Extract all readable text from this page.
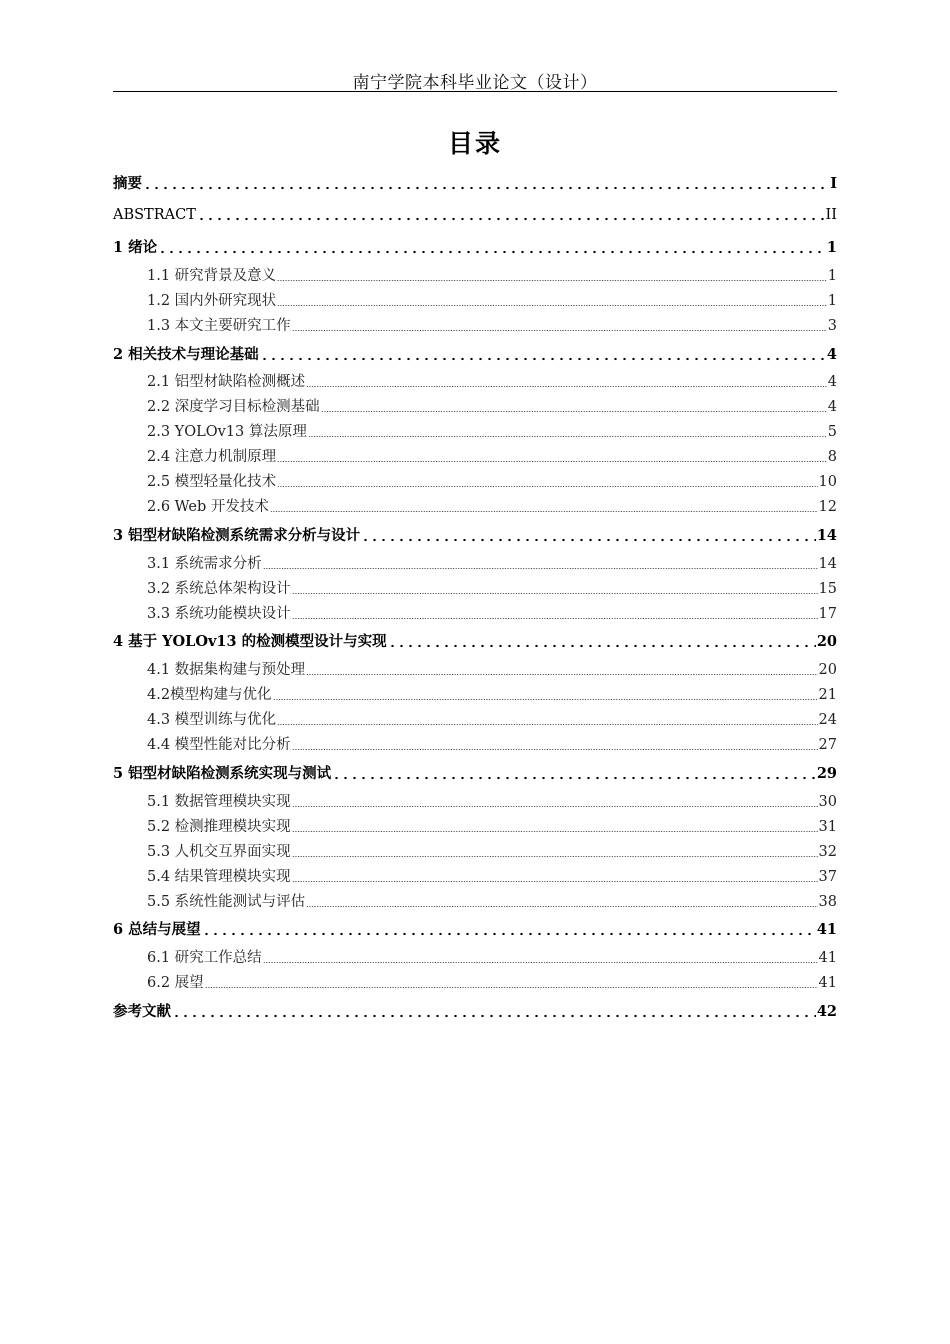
南宁学院本科毕业论文（设计）
目录
摘要	I
ABSTRACT	II
1 绪论	1
1.1 研究背景及意义	1
1.2 国内外研究现状	1
1.3 本文主要研究工作	3
2 相关技术与理论基础	4
2.1 铝型材缺陷检测概述	4
2.2 深度学习目标检测基础	4
2.3 YOLOv13 算法原理	5
2.4 注意力机制原理	8
2.5 模型轻量化技术	10
2.6 Web 开发技术	12
3 铝型材缺陷检测系统需求分析与设计	14
3.1 系统需求分析	14
3.2 系统总体架构设计	15
3.3 系统功能模块设计	17
4 基于 YOLOv13 的检测模型设计与实现	20
4.1 数据集构建与预处理	20
4.2模型构建与优化	21
4.3 模型训练与优化	24
4.4 模型性能对比分析	27
5 铝型材缺陷检测系统实现与测试	29
5.1 数据管理模块实现	30
5.2 检测推理模块实现	31
5.3 人机交互界面实现	32
5.4 结果管理模块实现	37
5.5 系统性能测试与评估	38
6 总结与展望	41
6.1 研究工作总结	41
6.2 展望	41
参考文献	42
